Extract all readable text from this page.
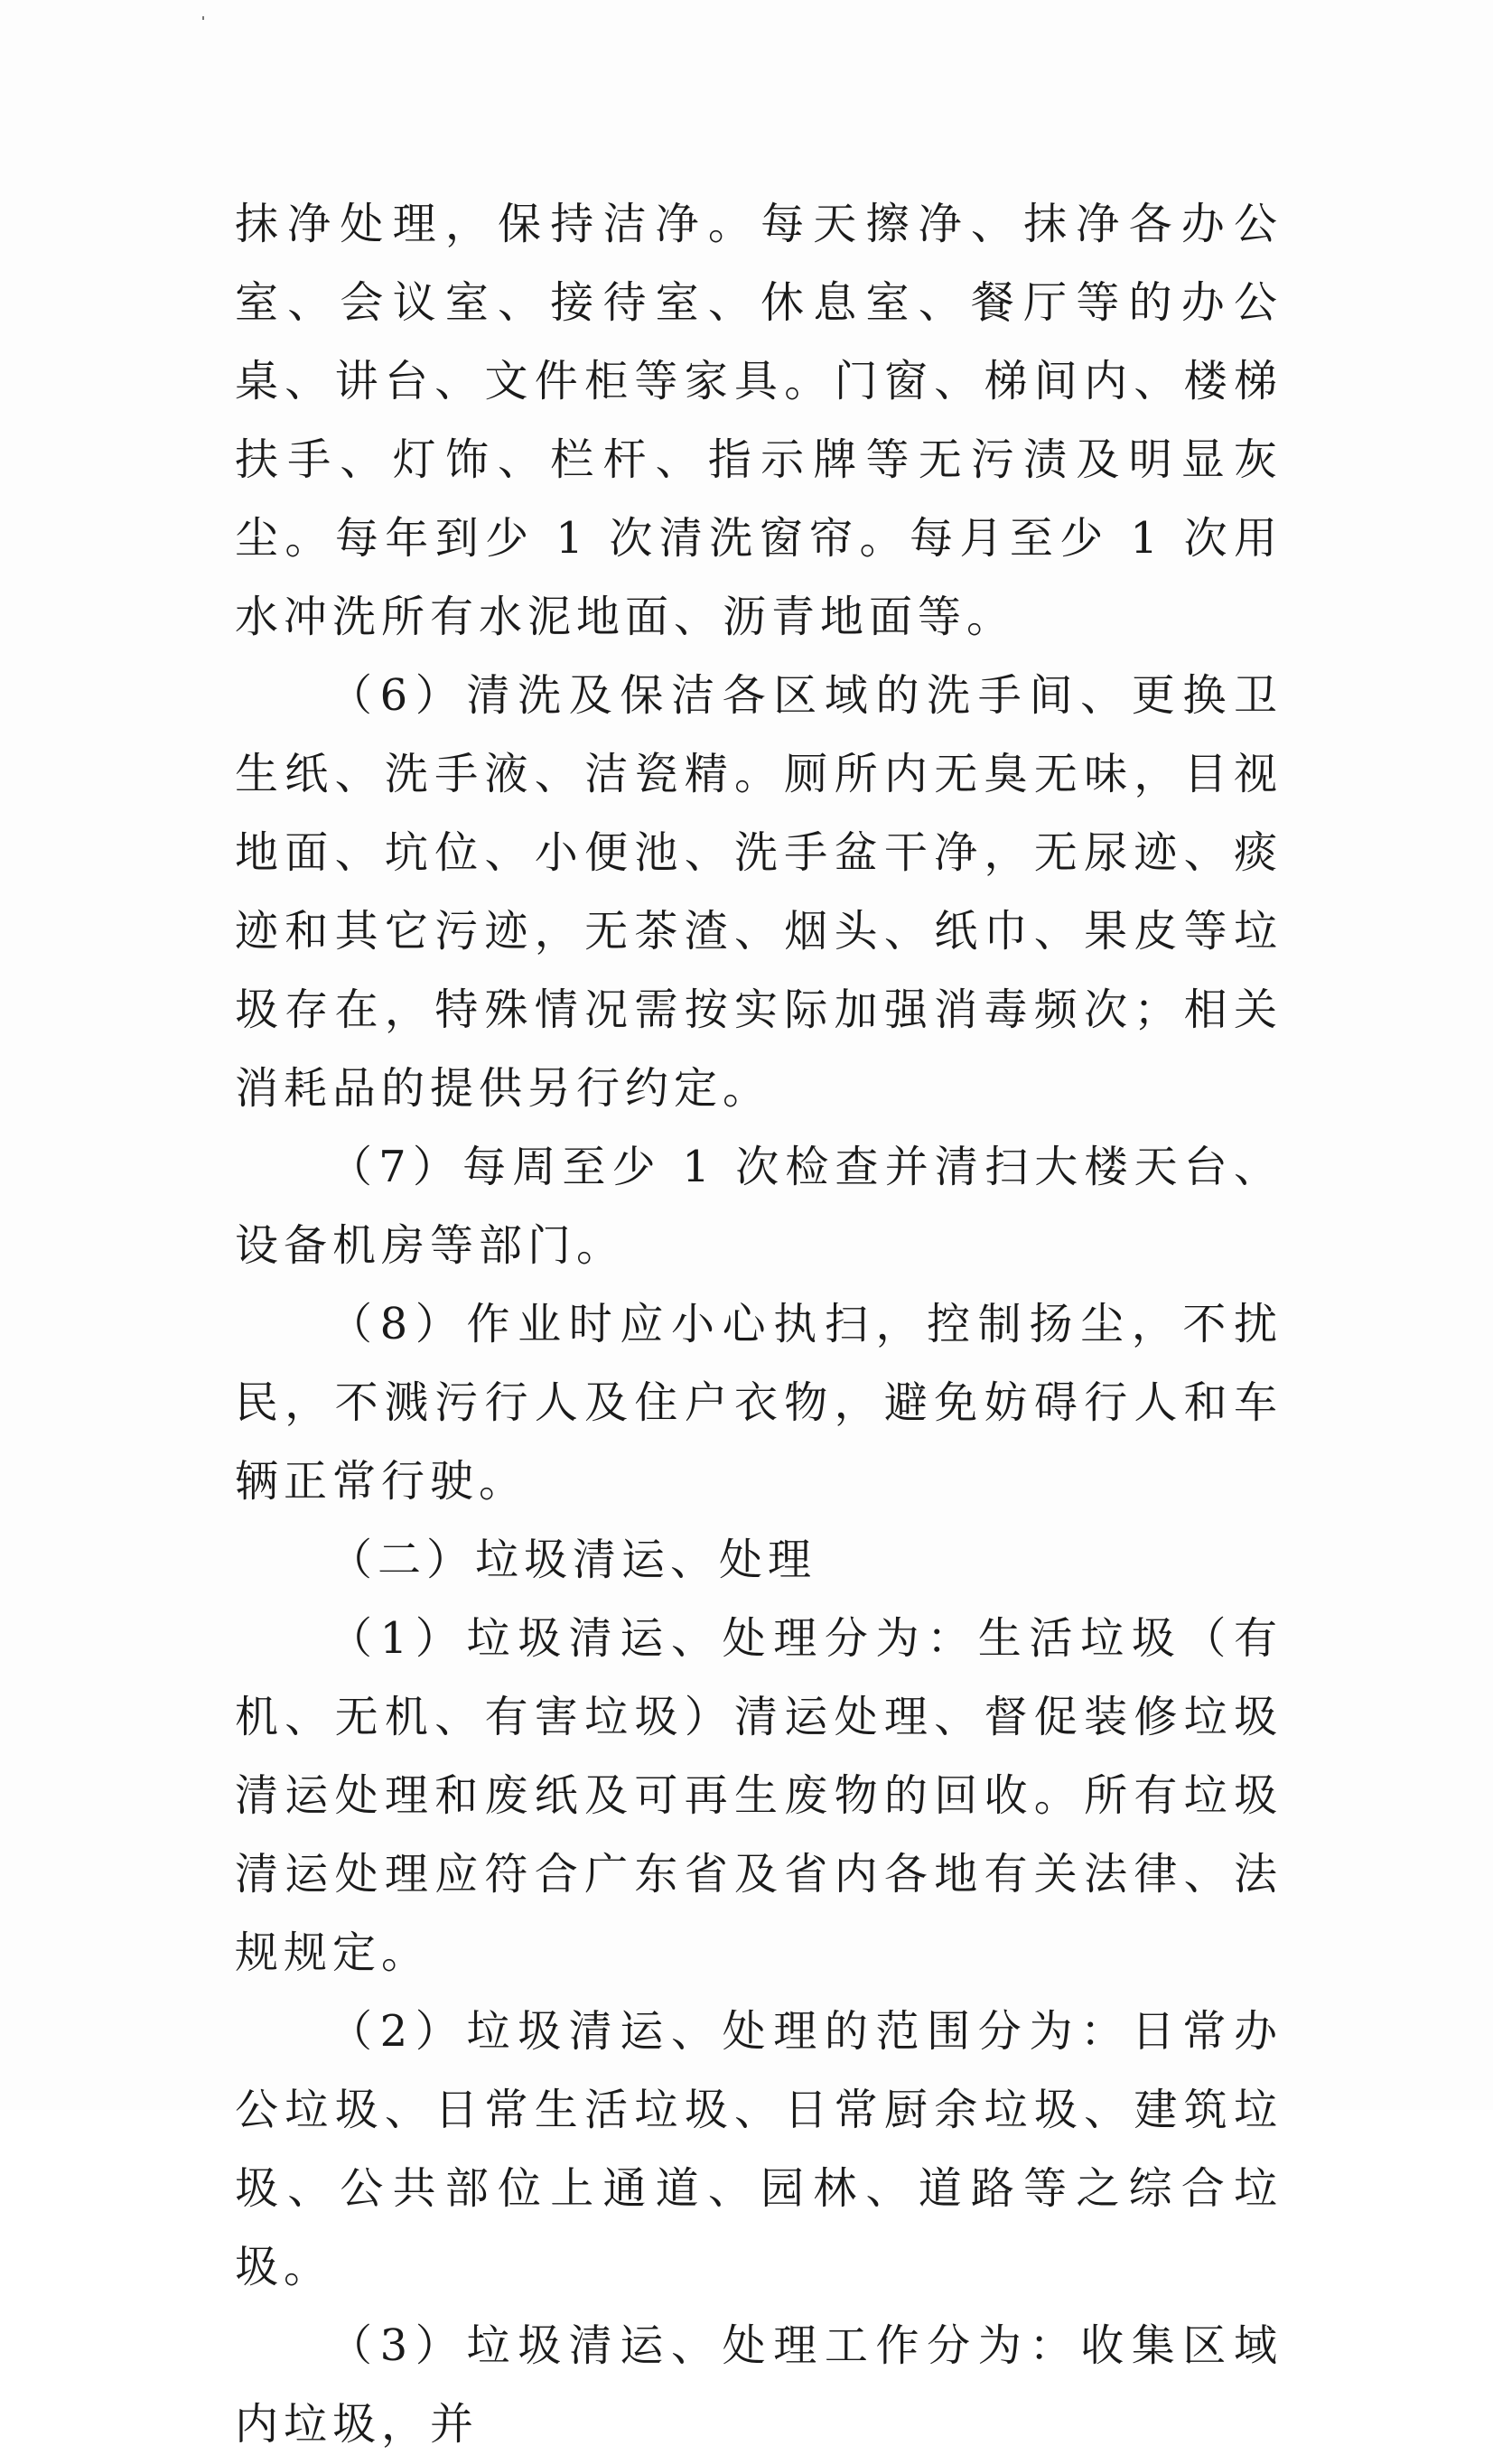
抹净处理，保持洁净。每天擦净、抹净各办公室、会议室、接待室、休息室、餐厅等的办公桌、讲台、文件柜等家具。门窗、梯间内、楼梯扶手、灯饰、栏杆、指示牌等无污渍及明显灰尘。每年到少 1 次清洗窗帘。每月至少 1 次用水冲洗所有水泥地面、沥青地面等。

（6）清洗及保洁各区域的洗手间、更换卫生纸、洗手液、洁瓷精。厕所内无臭无味，目视地面、坑位、小便池、洗手盆干净，无尿迹、痰迹和其它污迹，无茶渣、烟头、纸巾、果皮等垃圾存在，特殊情况需按实际加强消毒频次；相关消耗品的提供另行约定。

（7）每周至少 1 次检查并清扫大楼天台、设备机房等部门。

（8）作业时应小心执扫，控制扬尘，不扰民，不溅污行人及住户衣物，避免妨碍行人和车辆正常行驶。

（二）垃圾清运、处理

（1）垃圾清运、处理分为：生活垃圾（有机、无机、有害垃圾）清运处理、督促装修垃圾清运处理和废纸及可再生废物的回收。所有垃圾清运处理应符合广东省及省内各地有关法律、法规规定。

（2）垃圾清运、处理的范围分为：日常办公垃圾、日常生活垃圾、日常厨余垃圾、建筑垃圾、公共部位上通道、园林、道路等之综合垃圾。

（3）垃圾清运、处理工作分为：收集区域内垃圾，并
